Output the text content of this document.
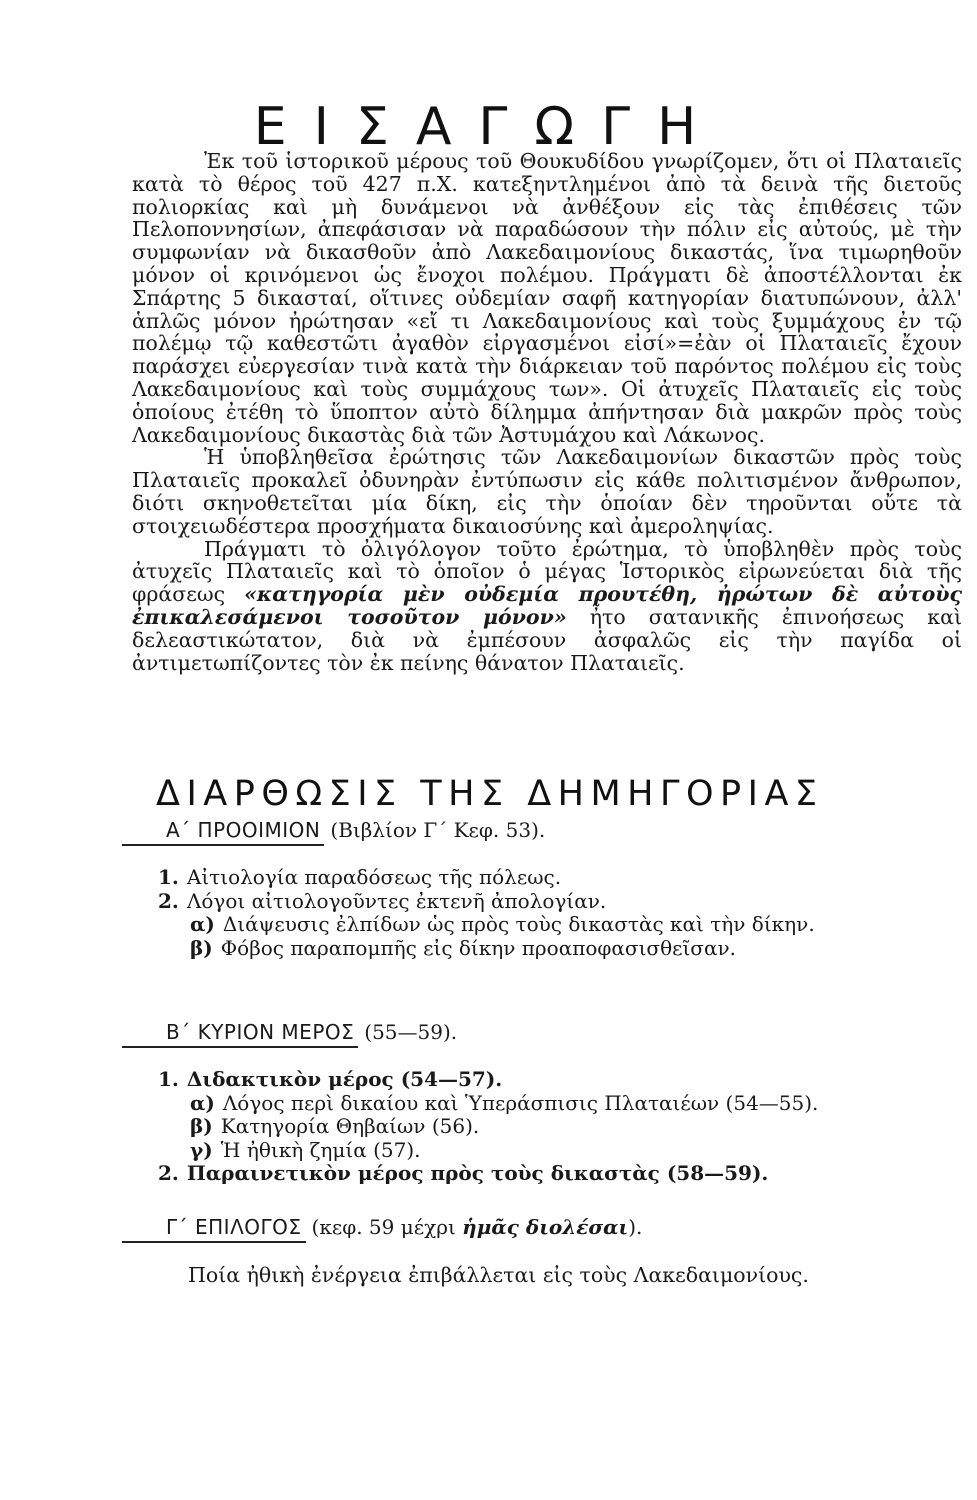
ΕΙΣΑΓΩΓΗ

Ἐκ τοῦ ἱστορικοῦ μέρους τοῦ Θουκυδίδου γνωρίζομεν, ὅτι οἱ Πλαταιεῖς κατὰ τὸ θέρος τοῦ 427 π.Χ. κατεξηντλημένοι ἀπὸ τὰ δεινὰ τῆς διετοῦς πολιορκίας καὶ μὴ δυνάμενοι νὰ ἀνθέξουν εἰς τὰς ἐπιθέσεις τῶν Πελοποννησίων, ἀπεφάσισαν νὰ παραδώσουν τὴν πόλιν εἰς αὐτούς, μὲ τὴν συμφωνίαν νὰ δικασθοῦν ἀπὸ Λακεδαιμονίους δικαστάς, ἵνα τιμωρηθοῦν μόνον οἱ κρινόμενοι ὡς ἔνοχοι πολέμου. Πράγματι δὲ ἀποστέλλονται ἐκ Σπάρτης 5 δικασταί, οἵτινες οὐδεμίαν σαφῆ κατηγορίαν διατυπώνουν, ἀλλ' ἁπλῶς μόνον ἠρώτησαν «εἴ τι Λακεδαιμονίους καὶ τοὺς ξυμμάχους ἐν τῷ πολέμῳ τῷ καθεστῶτι ἀγαθὸν εἰργασμένοι εἰσί»=ἐὰν οἱ Πλαταιεῖς ἔχουν παράσχει εὐεργεσίαν τινὰ κατὰ τὴν διάρκειαν τοῦ παρόντος πολέμου εἰς τοὺς Λακεδαιμονίους καὶ τοὺς συμμάχους των». Οἱ ἀτυχεῖς Πλαταιεῖς εἰς τοὺς ὁποίους ἐτέθη τὸ ὕποπτον αὐτὸ δίλημμα ἀπήντησαν διὰ μακρῶν πρὸς τοὺς Λακεδαιμονίους δικαστὰς διὰ τῶν Ἀστυμάχου καὶ Λάκωνος.

Ἡ ὑποβληθεῖσα ἐρώτησις τῶν Λακεδαιμονίων δικαστῶν πρὸς τοὺς Πλαταιεῖς προκαλεῖ ὀδυνηρὰν ἐντύπωσιν εἰς κάθε πολιτισμένον ἄνθρωπον, διότι σκηνοθετεῖται μία δίκη, εἰς τὴν ὁποίαν δὲν τηροῦνται οὔτε τὰ στοιχειωδέστερα προσχήματα δικαιοσύνης καὶ ἀμεροληψίας.

Πράγματι τὸ ὀλιγόλογον τοῦτο ἐρώτημα, τὸ ὑποβληθὲν πρὸς τοὺς ἀτυχεῖς Πλαταιεῖς καὶ τὸ ὁποῖον ὁ μέγας Ἱστορικὸς εἰρωνεύεται διὰ τῆς φράσεως «κατηγορία μὲν οὐδεμία προυτέθη, ἠρώτων δὲ αὐτοὺς ἐπικαλεσάμενοι τοσοῦτον μόνον» ἦτο σατανικῆς ἐπινοήσεως καὶ δελεαστικώτατον, διὰ νὰ ἐμπέσουν ἀσφαλῶς εἰς τὴν παγίδα οἱ ἀντιμετωπίζοντες τὸν ἐκ πείνης θάνατον Πλαταιεῖς.

ΔΙΑΡΘΩΣΙΣ ΤΗΣ ΔΗΜΗΓΟΡΙΑΣ
Α΄ ΠΡΟΟΙΜΙΟΝ (Βιβλίον Γ΄ Κεφ. 53).
1. Αἰτιολογία παραδόσεως τῆς πόλεως.
2. Λόγοι αἰτιολογοῦντες ἐκτενῆ ἀπολογίαν.
α) Διάψευσις ἐλπίδων ὡς πρὸς τοὺς δικαστὰς καὶ τὴν δίκην.
β) Φόβος παραπομπῆς εἰς δίκην προαποφασισθεῖσαν.
Β΄ ΚΥΡΙΟΝ ΜΕΡΟΣ (55—59).
1. Διδακτικὸν μέρος (54—57).
α) Λόγος περὶ δικαίου καὶ Ὑπεράσπισις Πλαταιέων (54—55).
β) Κατηγορία Θηβαίων (56).
γ) Ἡ ἠθικὴ ζημία (57).
2. Παραινετικὸν μέρος πρὸς τοὺς δικαστὰς (58—59).
Γ΄ ΕΠΙΛΟΓΟΣ (κεφ. 59 μέχρι ἡμᾶς διολέσαι).
Ποία ἠθικὴ ἐνέργεια ἐπιβάλλεται εἰς τοὺς Λακεδαιμονίους.
